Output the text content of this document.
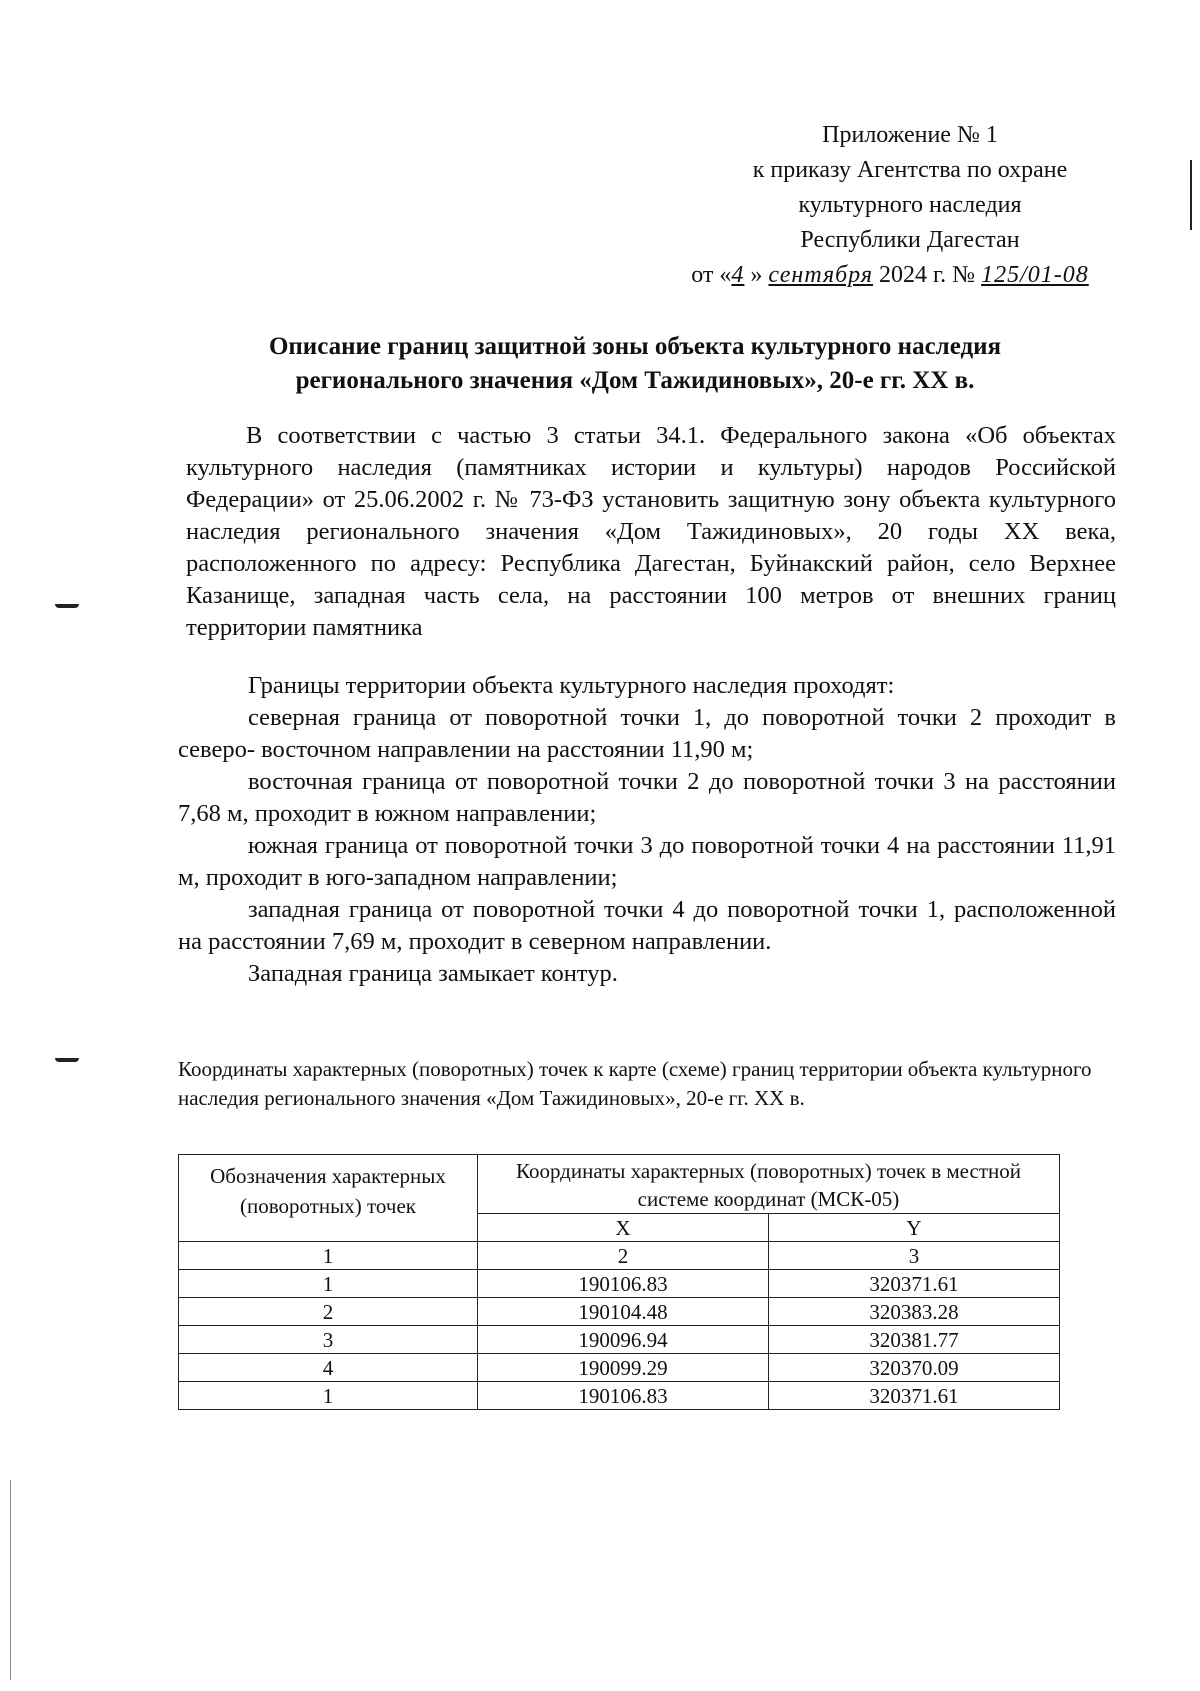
Приложение № 1
к приказу Агентства по охране
культурного наследия
Республики Дагестан
от «4 » сентября 2024 г. № 125/01-08
Описание границ защитной зоны объекта культурного наследия
регионального значения «Дом Тажидиновых», 20-е гг. XX в.
В соответствии с частью 3 статьи 34.1. Федерального закона «Об объектах культурного наследия (памятниках истории и культуры) народов Российской Федерации» от 25.06.2002 г. № 73-ФЗ установить защитную зону объекта культурного наследия регионального значения «Дом Тажидиновых», 20 годы XX века, расположенного по адресу: Республика Дагестан, Буйнакский район, село Верхнее Казанище, западная часть села, на расстоянии 100 метров от внешних границ территории памятника

Границы территории объекта культурного наследия проходят:

северная граница от поворотной точки 1, до поворотной точки 2 проходит в северо- восточном направлении на расстоянии 11,90 м;

восточная граница от поворотной точки 2 до поворотной точки 3 на расстоянии 7,68 м, проходит в южном направлении;

южная граница от поворотной точки 3 до поворотной точки 4 на расстоянии 11,91 м, проходит в юго-западном направлении;

западная граница от поворотной точки 4 до поворотной точки 1, расположенной на расстоянии 7,69 м, проходит в северном направлении.

Западная граница замыкает контур.

Координаты характерных (поворотных) точек к карте (схеме) границ территории объекта культурного наследия регионального значения «Дом Тажидиновых», 20-е гг. XX в.
Обозначения характерных (поворотных) точек	Координаты характерных (поворотных) точек в местной системе координат (МСК-05)	
	X	Y
1	2	3
1	190106.83	320371.61
2	190104.48	320383.28
3	190096.94	320381.77
4	190099.29	320370.09
1	190106.83	320371.61
